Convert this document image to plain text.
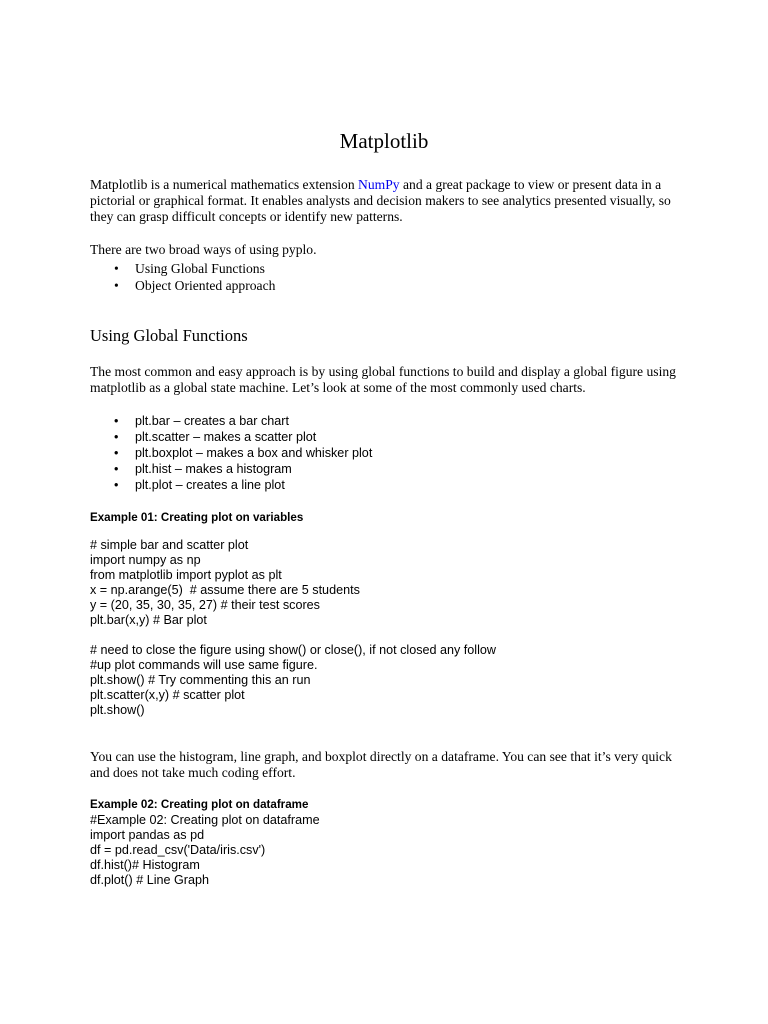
Matplotlib

Matplotlib is a numerical mathematics extension NumPy and a great package to view or present data in a pictorial or graphical format. It enables analysts and decision makers to see analytics presented visually, so they can grasp difficult concepts or identify new patterns.

There are two broad ways of using pyplo.
• Using Global Functions
• Object Oriented approach
Using Global Functions
The most common and easy approach is by using global functions to build and display a global figure using matplotlib as a global state machine. Let’s look at some of the most commonly used charts.
• plt.bar – creates a bar chart
• plt.scatter – makes a scatter plot
• plt.boxplot – makes a box and whisker plot
• plt.hist – makes a histogram
• plt.plot – creates a line plot
Example 01: Creating plot on variables
# simple bar and scatter plot
import numpy as np
from matplotlib import pyplot as plt
x = np.arange(5)  # assume there are 5 students
y = (20, 35, 30, 35, 27) # their test scores
plt.bar(x,y) # Bar plot
# need to close the figure using show() or close(), if not closed any follow
#up plot commands will use same figure.
plt.show() # Try commenting this an run
plt.scatter(x,y) # scatter plot
plt.show()
You can use the histogram, line graph, and boxplot directly on a dataframe. You can see that it’s very quick and does not take much coding effort.
Example 02: Creating plot on dataframe
#Example 02: Creating plot on dataframe
import pandas as pd
df = pd.read_csv('Data/iris.csv')
df.hist()# Histogram
df.plot() # Line Graph
